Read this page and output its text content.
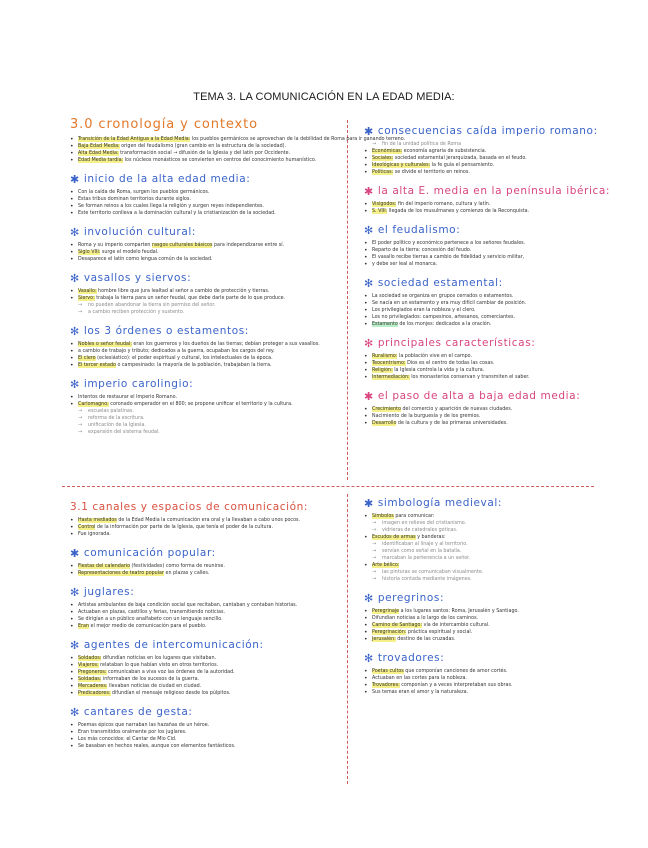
TEMA 3. LA COMUNICACIÓN EN LA EDAD MEDIA:
3.0 cronología y contexto
• Transición de la Edad Antigua a la Edad Media: los pueblos germánicos se aprovechan de la debilidad de Roma para ir ganando terreno.
• Baja Edad Media: origen del feudalismo (gran cambio en la estructura de la sociedad).
• Alta Edad Media: transformación social → difusión de la Iglesia y del latín por Occidente.
• Edad Media tardía: los núcleos monásticos se convierten en centros del conocimiento humanístico.
✱ inicio de la alta edad media:
• Con la caída de Roma, surgen los pueblos germánicos.
• Estas tribus dominan territorios durante siglos.
• Se forman reinos a los cuales llega la religión y surgen reyes independientes.
• Este territorio conlleva a la dominación cultural y la cristianización de la sociedad.
✻ involución cultural:
• Roma y su imperio comparten rasgos culturales básicos para independizarse entre sí.
• Siglo VIII: surge el modelo feudal.
• Desaparece el latín como lengua común de la sociedad.
✻ vasallos y siervos:
• Vasallo: hombre libre que jura lealtad al señor a cambio de protección y tierras.
• Siervo: trabaja la tierra para un señor feudal, que debe darle parte de lo que produce.
→ no pueden abandonar la tierra sin permiso del señor.
→ a cambio reciben protección y sustento.
✻ los 3 órdenes o estamentos:
• Nobles o señor feudal: eran los guerreros y los dueños de las tierras; debían proteger a sus vasallos.
• a cambio de trabajo y tributo; dedicados a la guerra, ocupaban los cargos del rey.
• El clero (eclesiástico): el poder espiritual y cultural, los intelectuales de la época.
• El tercer estado o campesinado: la mayoría de la población, trabajaban la tierra.
✻ imperio carolingio:
• Intentos de restaurar el Imperio Romano.
• Carlomagno: coronado emperador en el 800; se propone unificar el territorio y la cultura.
→ escuelas palatinas.
→ reforma de la escritura.
→ unificación de la Iglesia.
→ expansión del sistema feudal.
✱ consecuencias caída imperio romano:
→ fin de la unidad política de Roma
• Económicas: economía agraria de subsistencia.
• Sociales: sociedad estamental jerarquizada, basada en el feudo.
• Ideológicas y culturales: la fe guía el pensamiento.
• Políticas: se divide el territorio en reinos.
✱ la alta E. media en la península ibérica:
• Visigodos: fin del imperio romano, cultura y latín.
• S. VIII: llegada de los musulmanes y comienzo de la Reconquista.
✻ el feudalismo:
• El poder político y económico pertenece a los señores feudales.
• Reparto de la tierra: concesión del feudo.
• El vasallo recibe tierras a cambio de fidelidad y servicio militar,
• y debe ser leal al monarca.
✻ sociedad estamental:
• La sociedad se organiza en grupos cerrados o estamentos.
• Se nacía en un estamento y era muy difícil cambiar de posición.
• Los privilegiados eran la nobleza y el clero.
• Los no privilegiados: campesinos, artesanos, comerciantes.
• Estamento de los monjes: dedicados a la oración.
✻ principales características:
• Ruralismo: la población vive en el campo.
• Teocentrismo: Dios es el centro de todas las cosas.
• Religión: la Iglesia controla la vida y la cultura.
• Intermediación: los monasterios conservan y transmiten el saber.
✱ el paso de alta a baja edad media:
• Crecimiento del comercio y aparición de nuevas ciudades.
• Nacimiento de la burguesía y de los gremios.
• Desarrollo de la cultura y de las primeras universidades.
3.1 canales y espacios de comunicación:
• Hasta mediados de la Edad Media la comunicación era oral y la llevaban a cabo unos pocos.
• Control de la información por parte de la Iglesia, que tenía el poder de la cultura.
• Fue ignorada.
✱ comunicación popular:
• Fiestas del calendario (festividades) como forma de reunirse.
• Representaciones de teatro popular en plazas y calles.
✻ juglares:
• Artistas ambulantes de baja condición social que recitaban, cantaban y contaban historias.
• Actuaban en plazas, castillos y ferias, transmitiendo noticias.
• Se dirigían a un público analfabeto con un lenguaje sencillo.
• Eran el mejor medio de comunicación para el pueblo.
✻ agentes de intercomunicación:
• Soldados: difundían noticias en los lugares que visitaban.
• Viajeros: relataban lo que habían visto en otros territorios.
• Pregoneros: comunicaban a viva voz las órdenes de la autoridad.
• Soldadas: informaban de los sucesos de la guerra.
• Mercaderes: llevaban noticias de ciudad en ciudad.
• Predicadores: difundían el mensaje religioso desde los púlpitos.
✻ cantares de gesta:
• Poemas épicos que narraban las hazañas de un héroe.
• Eran transmitidos oralmente por los juglares.
• Los más conocidos: el Cantar de Mio Cid.
• Se basaban en hechos reales, aunque con elementos fantásticos.
✱ simbología medieval:
• Símbolos para comunicar:
→ imagen en relieve del cristianismo.
→ vidrieras de catedrales góticas.
• Escudos de armas y banderas:
→ identificaban al linaje y al territorio.
→ servían como señal en la batalla.
→ marcaban la pertenencia a un señor.
• Arte bélico:
→ las pinturas se comunicaban visualmente.
→ historia contada mediante imágenes.
✻ peregrinos:
• Peregrinaje a los lugares santos: Roma, Jerusalén y Santiago.
• Difundían noticias a lo largo de los caminos.
• Camino de Santiago: vía de intercambio cultural.
• Peregrinación: práctica espiritual y social.
• Jerusalén: destino de las cruzadas.
✻ trovadores:
• Poetas cultos que componían canciones de amor cortés.
• Actuaban en las cortes para la nobleza.
• Trovadores: componían y a veces interpretaban sus obras.
• Sus temas eran el amor y la naturaleza.
